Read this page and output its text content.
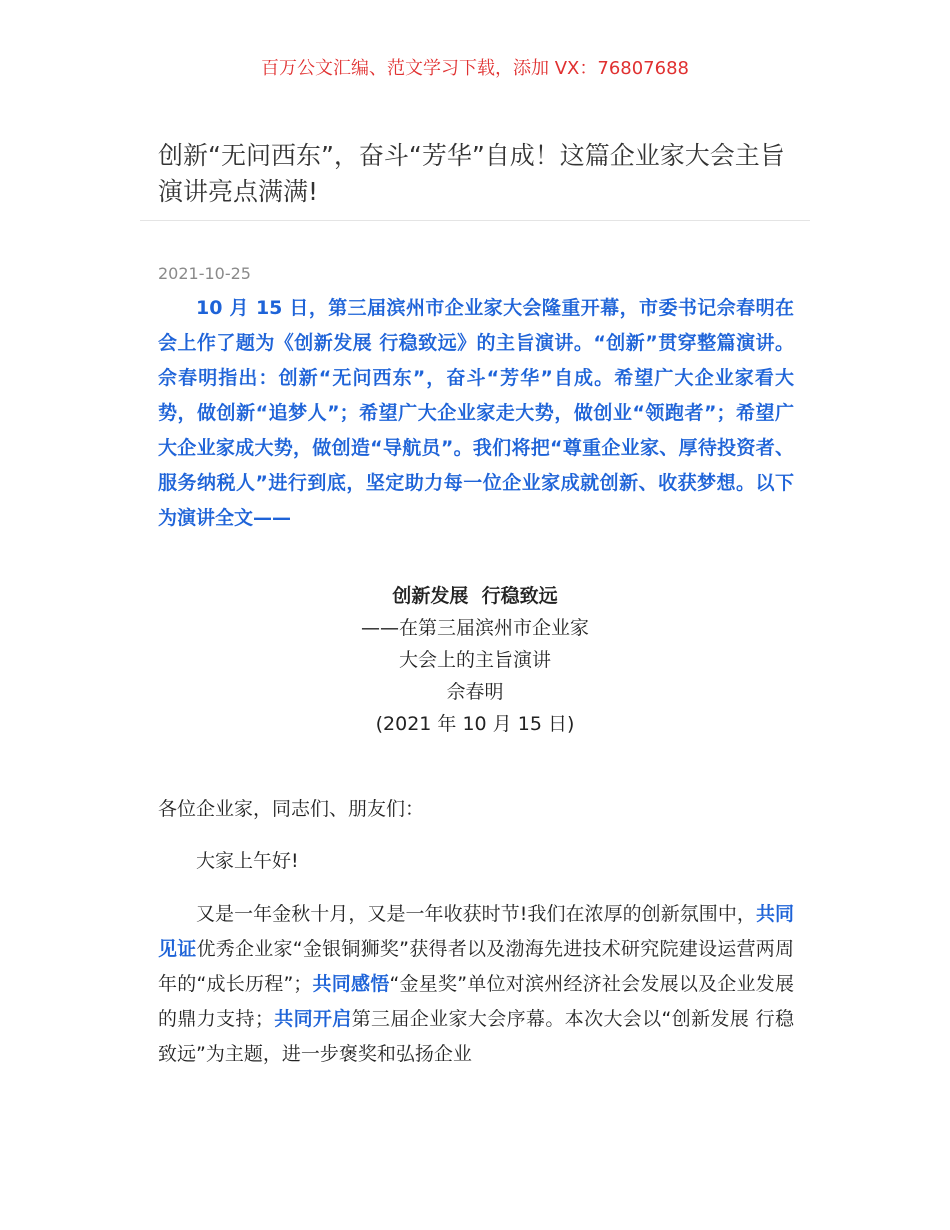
百万公文汇编、范文学习下载，添加 VX：76807688
创新“无问西东”，奋斗“芳华”自成！这篇企业家大会主旨演讲亮点满满!
2021-10-25

10 月 15 日，第三届滨州市企业家大会隆重开幕，市委书记佘春明在会上作了题为《创新发展 行稳致远》的主旨演讲。“创新”贯穿整篇演讲。佘春明指出：创新“无问西东”，奋斗“芳华”自成。希望广大企业家看大势，做创新“追梦人”；希望广大企业家走大势，做创业“领跑者”；希望广大企业家成大势，做创造“导航员”。我们将把“尊重企业家、厚待投资者、服务纳税人”进行到底，坚定助力每一位企业家成就创新、收获梦想。以下为演讲全文——

创新发展  行稳致远
——在第三届滨州市企业家
大会上的主旨演讲
佘春明
(2021 年 10 月 15 日)

各位企业家，同志们、朋友们：

大家上午好!

又是一年金秋十月，又是一年收获时节!我们在浓厚的创新氛围中，共同见证优秀企业家“金银铜狮奖”获得者以及渤海先进技术研究院建设运营两周年的“成长历程”；共同感悟“金星奖”单位对滨州经济社会发展以及企业发展的鼎力支持；共同开启第三届企业家大会序幕。本次大会以“创新发展 行稳致远”为主题，进一步褒奖和弘扬企业
